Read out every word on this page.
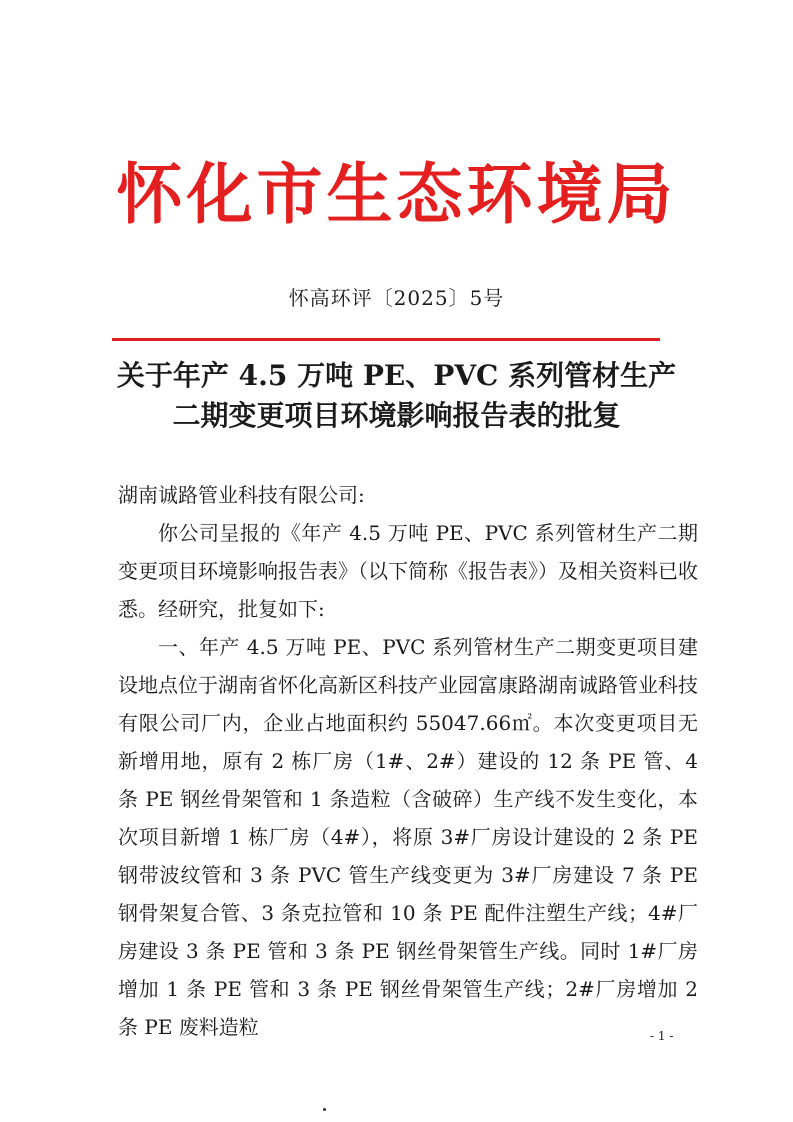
怀化市生态环境局
怀高环评〔2025〕5号
关于年产 4.5 万吨 PE、PVC 系列管材生产
二期变更项目环境影响报告表的批复
湖南诚路管业科技有限公司:

你公司呈报的《年产 4.5 万吨 PE、PVC 系列管材生产二期变更项目环境影响报告表》（以下简称《报告表》）及相关资料已收悉。经研究，批复如下:

一、年产 4.5 万吨 PE、PVC 系列管材生产二期变更项目建设地点位于湖南省怀化高新区科技产业园富康路湖南诚路管业科技有限公司厂内，企业占地面积约 55047.66㎡。本次变更项目无新增用地，原有 2 栋厂房（1#、2#）建设的 12 条 PE 管、4 条 PE 钢丝骨架管和 1 条造粒（含破碎）生产线不发生变化，本次项目新增 1 栋厂房（4#），将原 3#厂房设计建设的 2 条 PE 钢带波纹管和 3 条 PVC 管生产线变更为 3#厂房建设 7 条 PE 钢骨架复合管、3 条克拉管和 10 条 PE 配件注塑生产线；4#厂房建设 3 条 PE 管和 3 条 PE 钢丝骨架管生产线。同时 1#厂房增加 1 条 PE 管和 3 条 PE 钢丝骨架管生产线；2#厂房增加 2 条 PE 废料造粒	- 1 -
